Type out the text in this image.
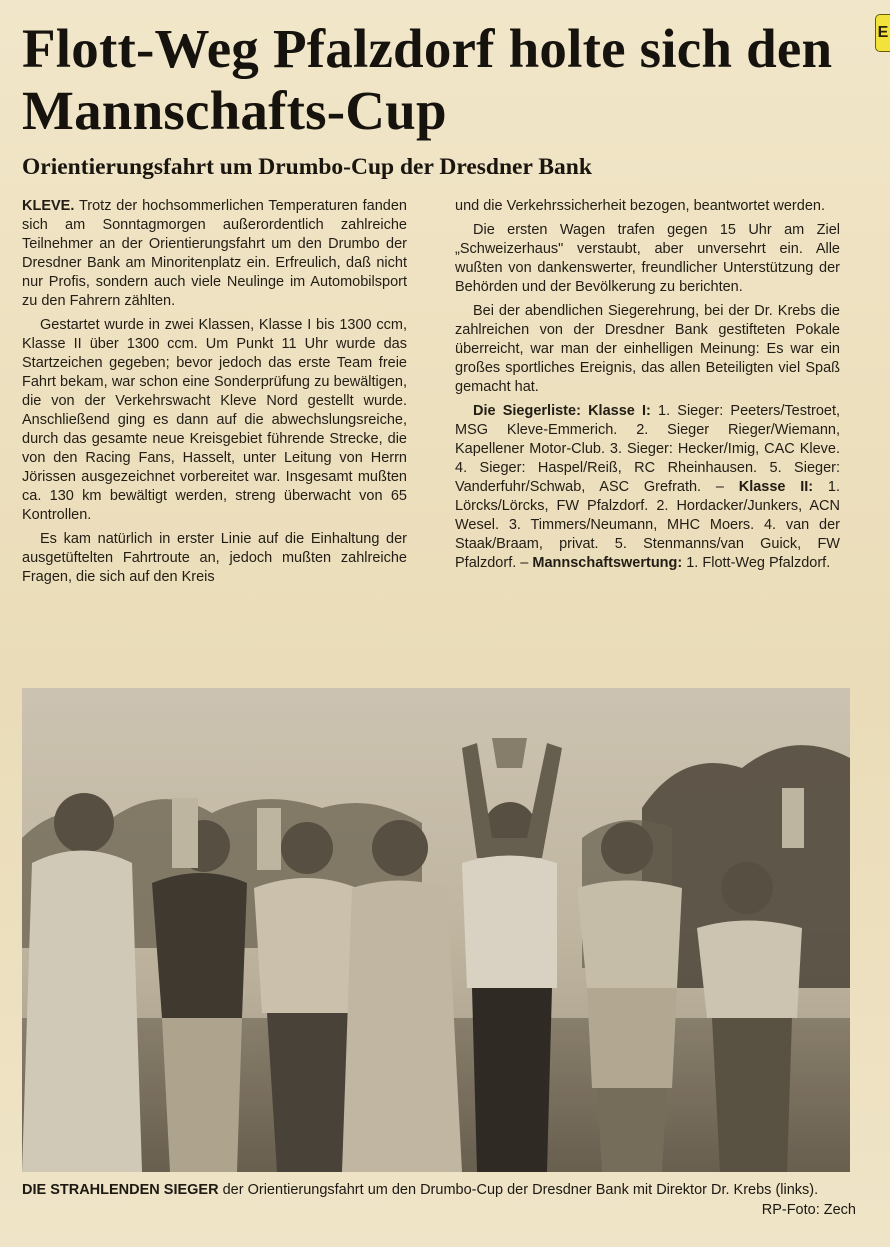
E
Flott-Weg Pfalzdorf holte sich den Mannschafts-Cup
Orientierungsfahrt um Drumbo-Cup der Dresdner Bank

KLEVE. Trotz der hochsommerlichen Temperaturen fanden sich am Sonntagmorgen außerordentlich zahlreiche Teilnehmer an der Orientierungsfahrt um den Drumbo der Dresdner Bank am Minoritenplatz ein. Erfreulich, daß nicht nur Profis, sondern auch viele Neulinge im Automobilsport zu den Fahrern zählten.

Gestartet wurde in zwei Klassen, Klasse I bis 1300 ccm, Klasse II über 1300 ccm. Um Punkt 11 Uhr wurde das Startzeichen gegeben; bevor jedoch das erste Team freie Fahrt bekam, war schon eine Sonderprüfung zu bewältigen, die von der Verkehrswacht Kleve Nord gestellt wurde. Anschließend ging es dann auf die abwechslungsreiche, durch das gesamte neue Kreisgebiet führende Strecke, die von den Racing Fans, Hasselt, unter Leitung von Herrn Jörissen ausgezeichnet vorbereitet war. Insgesamt mußten ca. 130 km bewältigt werden, streng überwacht von 65 Kontrollen.

Es kam natürlich in erster Linie auf die Einhaltung der ausgetüftelten Fahrtroute an, jedoch mußten zahlreiche Fragen, die sich auf den Kreis

und die Verkehrssicherheit bezogen, beantwortet werden.

Die ersten Wagen trafen gegen 15 Uhr am Ziel „Schweizerhaus" verstaubt, aber unversehrt ein. Alle wußten von dankenswerter, freundlicher Unterstützung der Behörden und der Bevölkerung zu berichten.

Bei der abendlichen Siegerehrung, bei der Dr. Krebs die zahlreichen von der Dresdner Bank gestifteten Pokale überreicht, war man der einhelligen Meinung: Es war ein großes sportliches Ereignis, das allen Beteiligten viel Spaß gemacht hat.

Die Siegerliste: Klasse I: 1. Sieger: Peeters/Testroet, MSG Kleve-Emmerich. 2. Sieger Rieger/Wiemann, Kapellener Motor-Club. 3. Sieger: Hecker/Imig, CAC Kleve. 4. Sieger: Haspel/Reiß, RC Rheinhausen. 5. Sieger: Vanderfuhr/Schwab, ASC Grefrath. – Klasse II: 1. Lörcks/Lörcks, FW Pfalzdorf. 2. Hordacker/Junkers, ACN Wesel. 3. Timmers/Neumann, MHC Moers. 4. van der Staak/Braam, privat. 5. Stenmanns/van Guick, FW Pfalzdorf. – Mannschaftswertung: 1. Flott-Weg Pfalzdorf.

DIE STRAHLENDEN SIEGER der Orientierungsfahrt um den Drumbo-Cup der Dresdner Bank mit Direktor Dr. Krebs (links).
RP-Foto: Zech
